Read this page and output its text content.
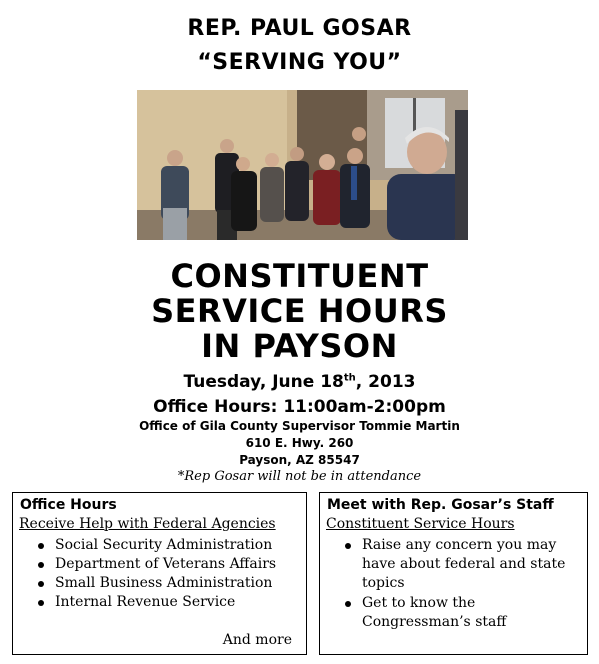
REP. PAUL GOSAR
“SERVING YOU”
CONSTITUENT
SERVICE HOURS
IN PAYSON
Tuesday, June 18th, 2013
Office Hours: 11:00am-2:00pm
Office of Gila County Supervisor Tommie Martin
610 E. Hwy. 260
Payson, AZ 85547
*Rep Gosar will not be in attendance
Office Hours
Receive Help with Federal Agencies
Social Security Administration
Department of Veterans Affairs
Small Business Administration
Internal Revenue Service
And more
Meet with Rep. Gosar’s Staff
Constituent Service Hours
Raise any concern you may have about federal and state topics
Get to know the Congressman’s staff
